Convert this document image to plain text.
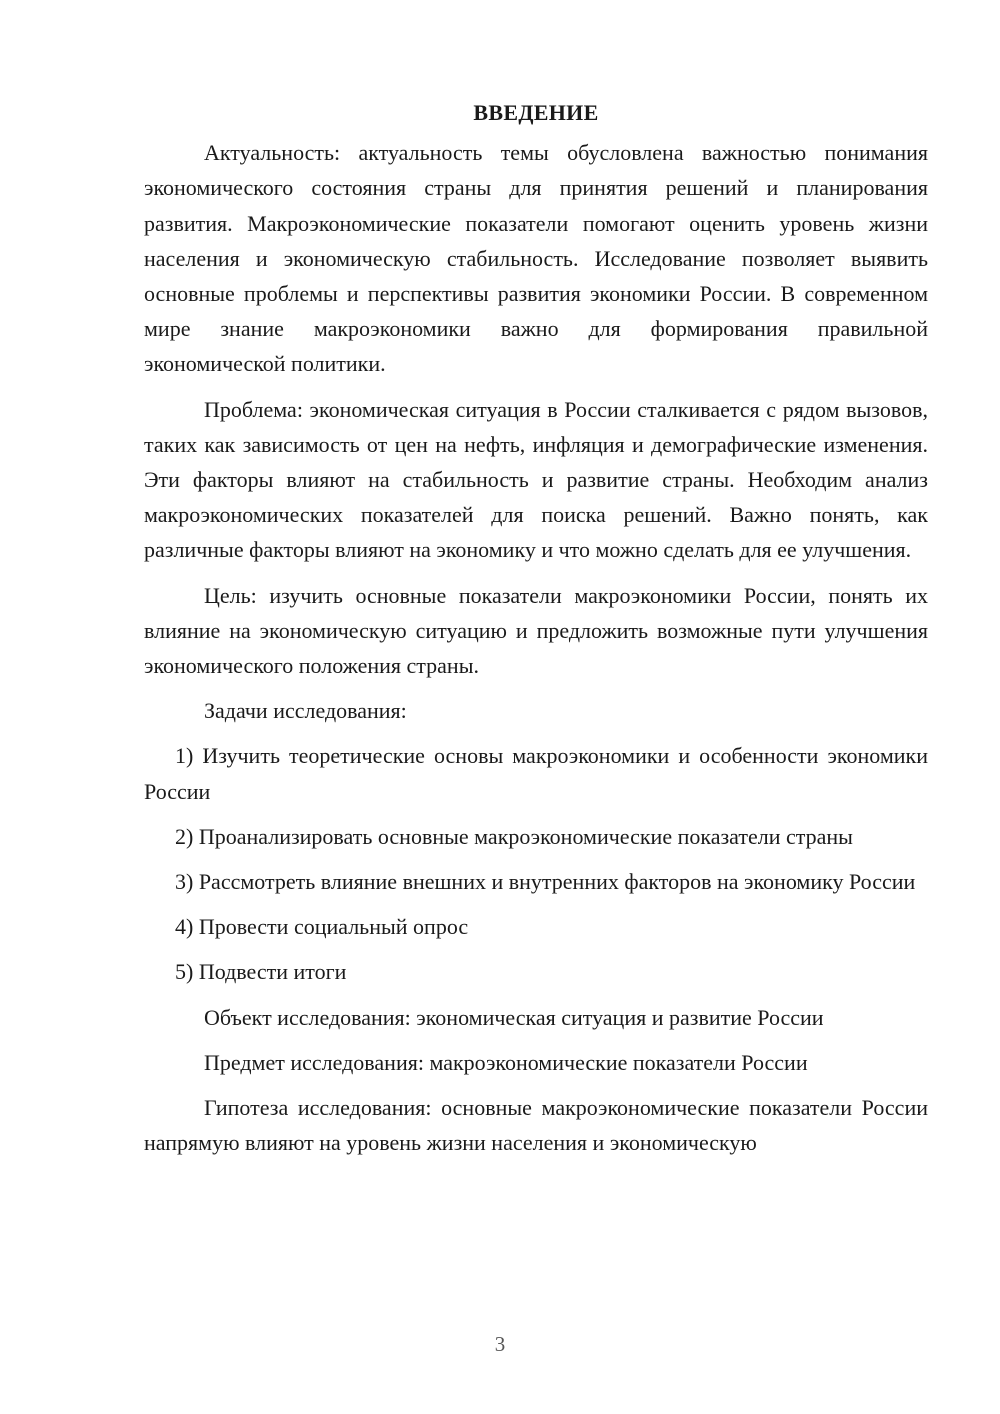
ВВЕДЕНИЕ

Актуальность: актуальность темы обусловлена важностью понимания экономического состояния страны для принятия решений и планирования развития. Макроэкономические показатели помогают оценить уровень жизни населения и экономическую стабильность. Исследование позволяет выявить основные проблемы и перспективы развития экономики России. В современном мире знание макроэкономики важно для формирования правильной экономической политики.

Проблема: экономическая ситуация в России сталкивается с рядом вызовов, таких как зависимость от цен на нефть, инфляция и демографические изменения. Эти факторы влияют на стабильность и развитие страны. Необходим анализ макроэкономических показателей для поиска решений. Важно понять, как различные факторы влияют на экономику и что можно сделать для ее улучшения.

Цель: изучить основные показатели макроэкономики России, понять их влияние на экономическую ситуацию и предложить возможные пути улучшения экономического положения страны.

Задачи исследования:

1) Изучить теоретические основы макроэкономики и особенности экономики России

2) Проанализировать основные макроэкономические показатели страны

3) Рассмотреть влияние внешних и внутренних факторов на экономику России

4) Провести социальный опрос

5) Подвести итоги

Объект исследования: экономическая ситуация и развитие России

Предмет исследования: макроэкономические показатели России

Гипотеза исследования: основные макроэкономические показатели России напрямую влияют на уровень жизни населения и экономическую

3
